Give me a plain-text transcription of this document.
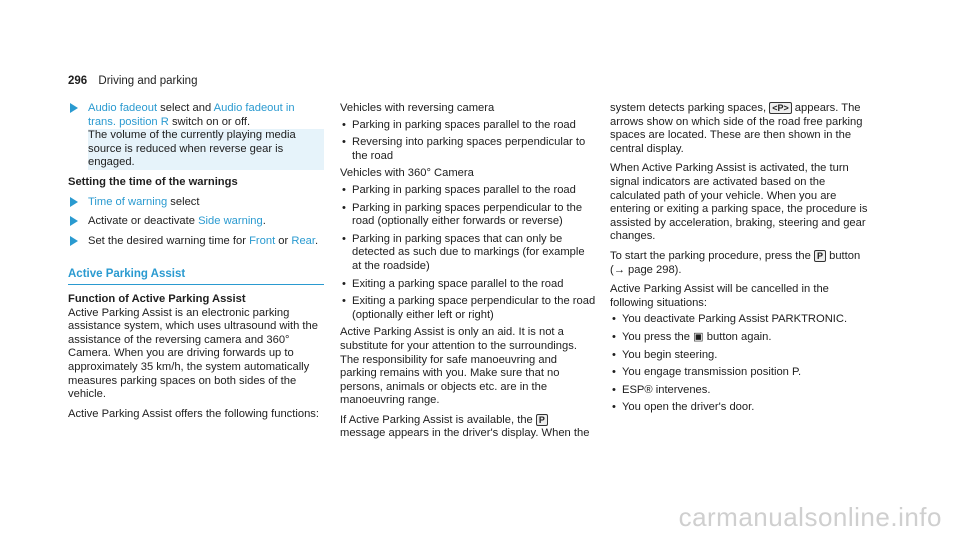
296 Driving and parking
Audio fadeout select and Audio fadeout in trans. position R switch on or off.
The volume of the currently playing media source is reduced when reverse gear is engaged.
Setting the time of the warnings
Time of warning select
Activate or deactivate Side warning.
Set the desired warning time for Front or Rear.
Active Parking Assist
Function of Active Parking Assist
Active Parking Assist is an electronic parking assistance system, which uses ultrasound with the assistance of the reversing camera and 360° Camera. When you are driving forwards up to approximately 35 km/h, the system automatically measures parking spaces on both sides of the vehicle.
Active Parking Assist offers the following functions:
Vehicles with reversing camera
• Parking in parking spaces parallel to the road
• Reversing into parking spaces perpendicular to the road
Vehicles with 360° Camera
• Parking in parking spaces parallel to the road
• Parking in parking spaces perpendicular to the road (optionally either forwards or reverse)
• Parking in parking spaces that can only be detected as such due to markings (for example at the roadside)
• Exiting a parking space parallel to the road
• Exiting a parking space perpendicular to the road (optionally either left or right)
Active Parking Assist is only an aid. It is not a substitute for your attention to the surroundings. The responsibility for safe manoeuvring and parking remains with you. Make sure that no persons, animals or objects etc. are in the manoeuvring range.
If Active Parking Assist is available, the P message appears in the driver's display. When the
system detects parking spaces, <P> appears. The arrows show on which side of the road free parking spaces are located. These are then shown in the central display.
When Active Parking Assist is activated, the turn signal indicators are activated based on the calculated path of your vehicle. When you are entering or exiting a parking space, the procedure is assisted by acceleration, braking, steering and gear changes.
To start the parking procedure, press the P button (→ page 298).
Active Parking Assist will be cancelled in the following situations:
• You deactivate Parking Assist PARKTRONIC.
• You press the ▣ button again.
• You begin steering.
• You engage transmission position P.
• ESP® intervenes.
• You open the driver's door.
carmanualsonline.info
